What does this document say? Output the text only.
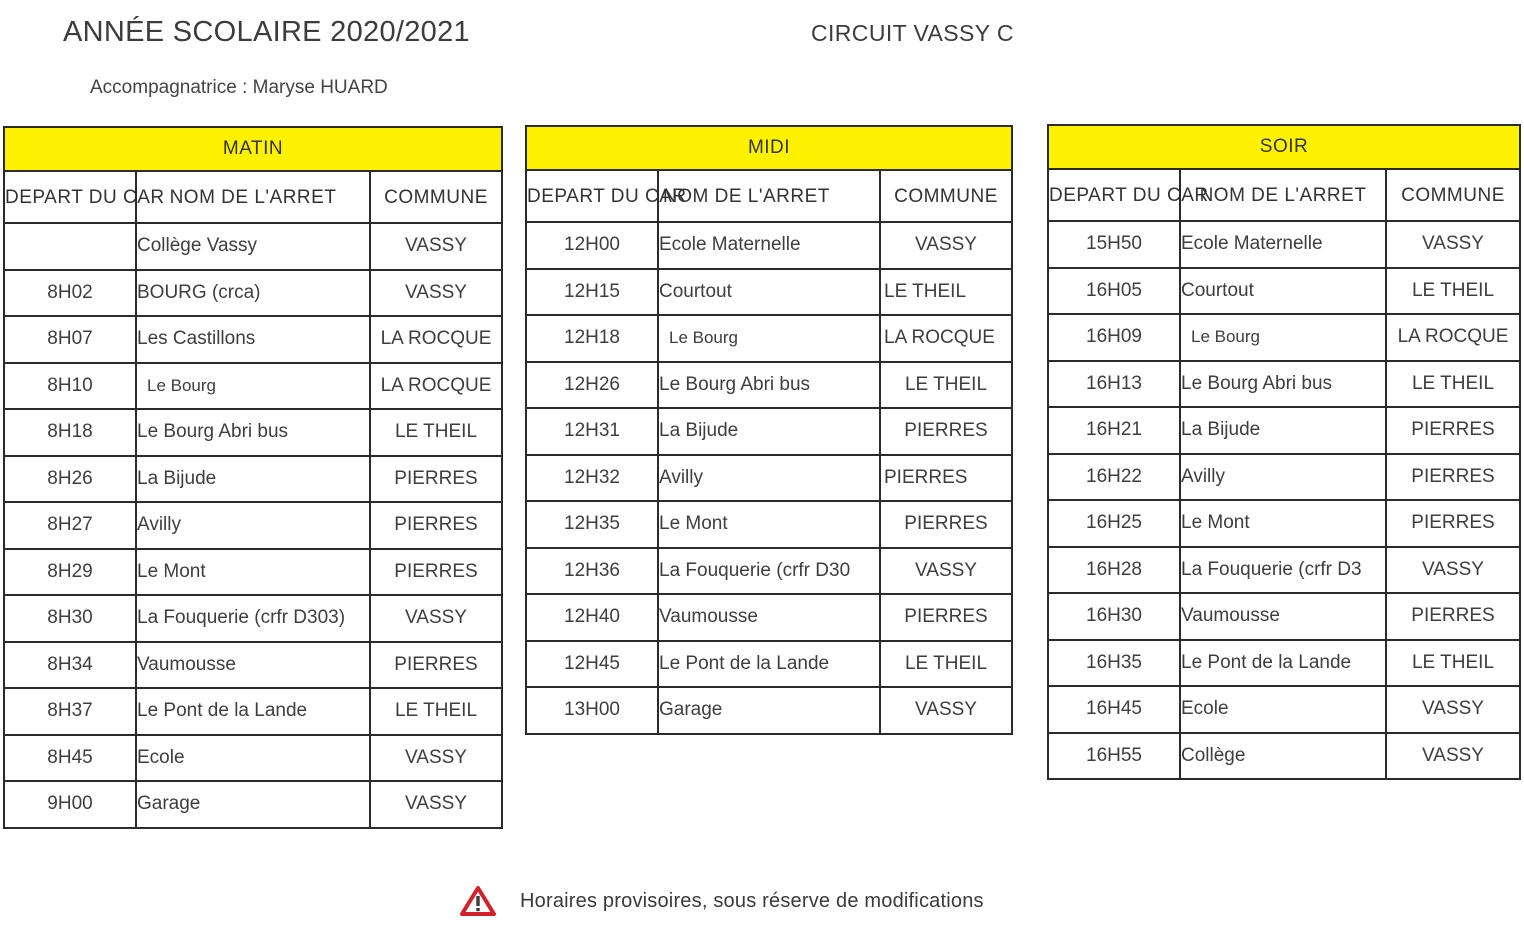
ANNÉE SCOLAIRE 2020/2021	CIRCUIT VASSY C
Accompagnatrice : Maryse HUARD
MATIN		
DEPART DU CAR	NOM DE L'ARRET	COMMUNE
	Collège Vassy	VASSY
8H02	BOURG (crca)	VASSY
8H07	Les Castillons	LA ROCQUE
8H10	Le Bourg	LA ROCQUE
8H18	Le Bourg Abri bus	LE THEIL
8H26	La Bijude	PIERRES
8H27	Avilly	PIERRES
8H29	Le Mont	PIERRES
8H30	La Fouquerie (crfr D303)	VASSY
8H34	Vaumousse	PIERRES
8H37	Le Pont de la Lande	LE THEIL
8H45	Ecole	VASSY
9H00	Garage	VASSY
MIDI		
DEPART DU CAR	NOM DE L'ARRET	COMMUNE
12H00	Ecole Maternelle	VASSY
12H15	Courtout	LE THEIL
12H18	Le Bourg	LA ROCQUE
12H26	Le Bourg Abri bus	LE THEIL
12H31	La Bijude	PIERRES
12H32	Avilly	PIERRES
12H35	Le Mont	PIERRES
12H36	La Fouquerie (crfr D30	VASSY
12H40	Vaumousse	PIERRES
12H45	Le Pont de la Lande	LE THEIL
13H00	Garage	VASSY
SOIR		
DEPART DU CAR	NOM DE L'ARRET	COMMUNE
15H50	Ecole Maternelle	VASSY
16H05	Courtout	LE THEIL
16H09	Le Bourg	LA ROCQUE
16H13	Le Bourg Abri bus	LE THEIL
16H21	La Bijude	PIERRES
16H22	Avilly	PIERRES
16H25	Le Mont	PIERRES
16H28	La Fouquerie (crfr D3	VASSY
16H30	Vaumousse	PIERRES
16H35	Le Pont de la Lande	LE THEIL
16H45	Ecole	VASSY
16H55	Collège	VASSY
Horaires provisoires, sous réserve de modifications
